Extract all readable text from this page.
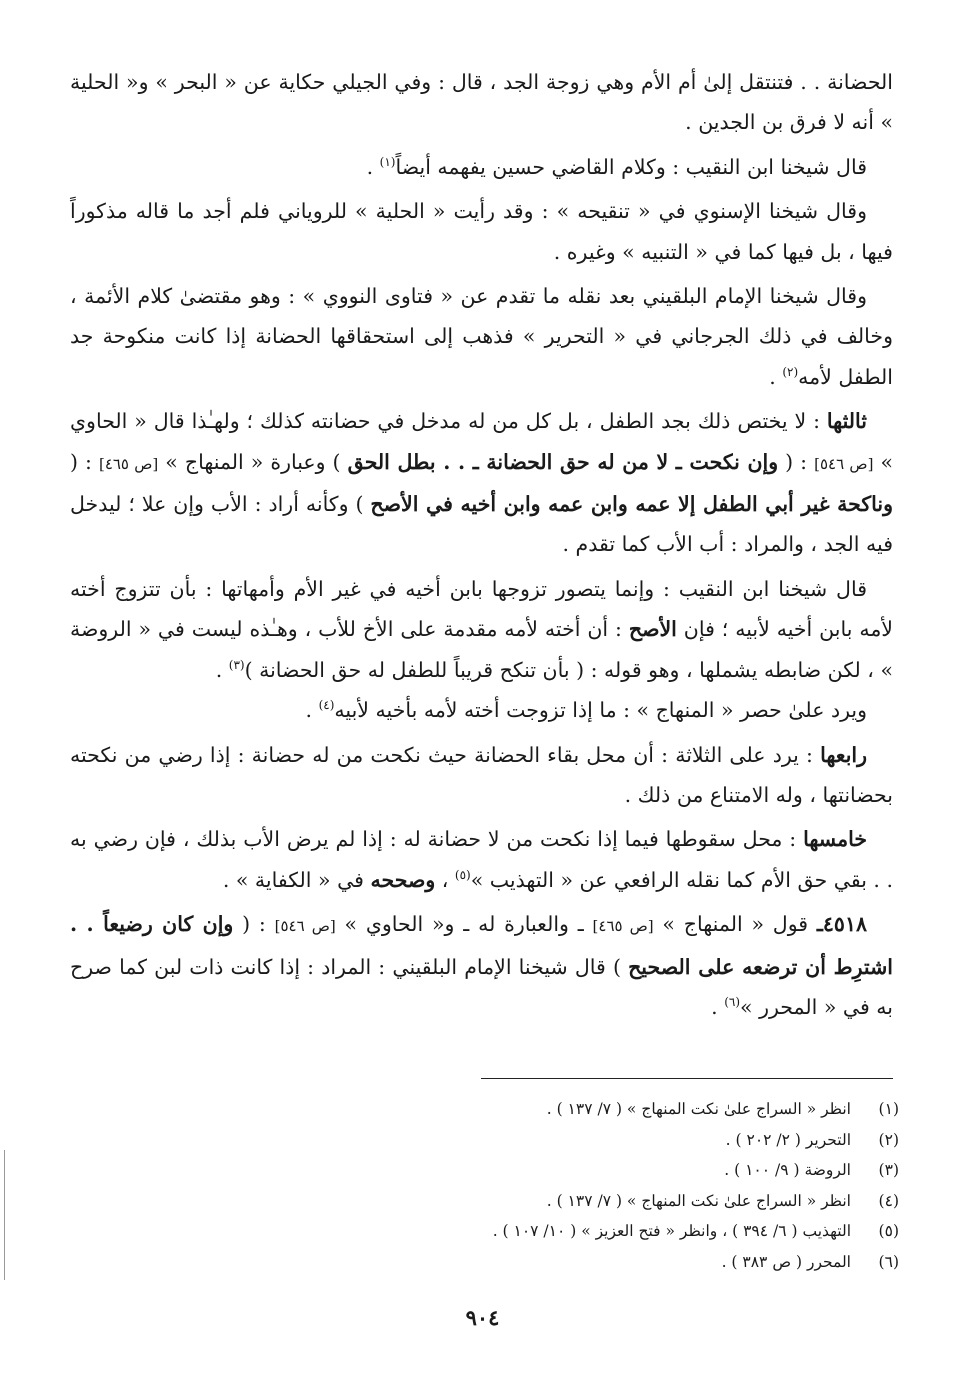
الحضانة . . فتنتقل إلىٰ أم الأم وهي زوجة الجد ، قال : وفي الجيلي حكاية عن « البحر » و« الحلية » أنه لا فرق بن الجدين .

قال شيخنا ابن النقيب : وكلام القاضي حسين يفهمه أيضاً$^{(١)}$ .

وقال شيخنا الإسنوي في « تنقيحه » : وقد رأيت « الحلية » للروياني فلم أجد ما قاله مذكوراً فيها ، بل فيها كما في « التنبيه » وغيره .

وقال شيخنا الإمام البلقيني بعد نقله ما تقدم عن « فتاوى النووي » : وهو مقتضىٰ كلام الأئمة ، وخالف في ذلك الجرجاني في « التحرير » فذهب إلى استحقاقها الحضانة إذا كانت منكوحة جد الطفل لأمه$^{(٢)}$ .

ثالثها : لا يختص ذلك بجد الطفل ، بل كل من له مدخل في حضانته كذلك ؛ ولهـٰذا قال « الحاوي » [ص ٥٤٦] : ( وإن نكحت ـ لا من له حق الحضانة ـ . . بطل الحق ) وعبارة « المنهاج » [ص ٤٦٥] : ( وناكحة غير أبي الطفل إلا عمه وابن عمه وابن أخيه في الأصح ) وكأنه أراد : الأب وإن علا ؛ ليدخل فيه الجد ، والمراد : أب الأب كما تقدم .

قال شيخنا ابن النقيب : وإنما يتصور تزوجها بابن أخيه في غير الأم وأمهاتها : بأن تتزوج أخته لأمه بابن أخيه لأبيه ؛ فإن الأصح : أن أخته لأمه مقدمة على الأخ للأب ، وهـٰذه ليست في « الروضة » ، لكن ضابطه يشملها ، وهو قوله : ( بأن تنكح قريباً للطفل له حق الحضانة )$^{(٣)}$ .

ويرد علىٰ حصر « المنهاج » : ما إذا تزوجت أخته لأمه بأخيه لأبيه$^{(٤)}$ .

رابعها : يرد على الثلاثة : أن محل بقاء الحضانة حيث نكحت من له حضانة : إذا رضي من نكحته بحضانتها ، وله الامتناع من ذلك .

خامسها : محل سقوطها فيما إذا نكحت من لا حضانة له : إذا لم يرض الأب بذلك ، فإن رضي به . . بقي حق الأم كما نقله الرافعي عن « التهذيب »$^{(٥)}$ ، وصححه في « الكفاية » .

٤٥١٨ـ قول « المنهاج » [ص ٤٦٥] ـ والعبارة له ـ و« الحاوي » [ص ٥٤٦] : ( وإن كان رضيعاً . . اشترِط أن ترضعه على الصحيح ) قال شيخنا الإمام البلقيني : المراد : إذا كانت ذات لبن كما صرح به في « المحرر »$^{(٦)}$ .

(١)
انظر « السراج علىٰ نكت المنهاج » ( ٧/ ١٣٧ ) .
(٢)
التحرير ( ٢/ ٢٠٢ ) .
(٣)
الروضة ( ٩/ ١٠٠ ) .
(٤)
انظر « السراج علىٰ نكت المنهاج » ( ٧/ ١٣٧ ) .
(٥)
التهذيب ( ٦/ ٣٩٤ ) ، وانظر « فتح العزيز » ( ١٠/ ١٠٧ ) .
(٦)
المحرر ( ص ٣٨٣ ) .
٩٠٤
